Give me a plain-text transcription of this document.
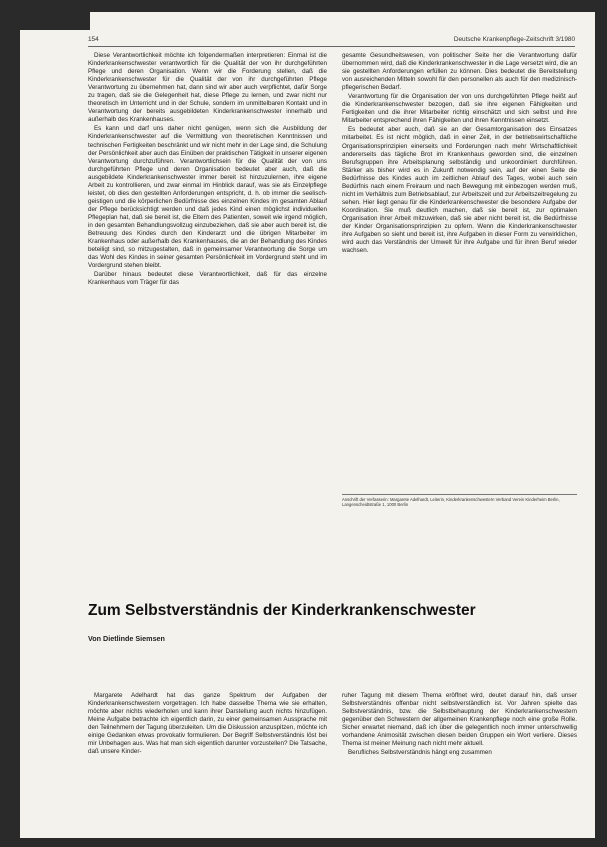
154	Deutsche Krankenpflege-Zeitschrift 3/1980

Diese Verantwortlichkeit möchte ich folgendermaßen interpretieren: Einmal ist die Kinderkrankenschwester verantwortlich für die Qualität der von ihr durchgeführten Pflege und deren Organisation. Wenn wir die Forderung stellen, daß die Kinderkrankenschwester für die Qualität der von ihr durchgeführten Pflege Verantwortung zu übernehmen hat, dann sind wir aber auch verpflichtet, dafür Sorge zu tragen, daß sie die Gelegenheit hat, diese Pflege zu lernen, und zwar nicht nur theoretisch im Unterricht und in der Schule, sondern im unmittelbaren Kontakt und in Verantwortung der bereits ausgebildeten Kinderkrankenschwester innerhalb und außerhalb des Krankenhauses.

Es kann und darf uns daher nicht genügen, wenn sich die Ausbildung der Kinderkrankenschwester auf die Vermittlung von theoretischen Kenntnissen und technischen Fertigkeiten beschränkt und wir nicht mehr in der Lage sind, die Schulung der Persönlichkeit aber auch das Einüben der praktischen Tätigkeit in unserer eigenen Verantwortung durchzuführen. Verantwortlichsein für die Qualität der von uns durchgeführten Pflege und deren Organisation bedeutet aber auch, daß die ausgebildete Kinderkrankenschwester immer bereit ist hinzuzulernen, ihre eigene Arbeit zu kontrollieren, und zwar einmal im Hinblick darauf, was sie als Einzelpflege leistet, ob dies den gestellten Anforderungen entspricht, d. h. ob immer die seelisch-geistigen und die körperlichen Bedürfnisse des einzelnen Kindes im gesamten Ablauf der Pflege berücksichtigt werden und daß jedes Kind einen möglichst individuellen Pflegeplan hat, daß sie bereit ist, die Eltern des Patienten, soweit wie irgend möglich, in den gesamten Behandlungsvollzug einzubeziehen, daß sie aber auch bereit ist, die Betreuung des Kindes durch den Kinderarzt und die übrigen Mitarbeiter im Krankenhaus oder außerhalb des Krankenhauses, die an der Behandlung des Kindes beteiligt sind, so mitzugestalten, daß in gemeinsamer Verantwortung die Sorge um das Wohl des Kindes in seiner gesamten Persönlichkeit im Vordergrund steht und im Vordergrund stehen bleibt.

Darüber hinaus bedeutet diese Verantwortlichkeit, daß für das einzelne Krankenhaus vom Träger für das

gesamte Gesundheitswesen, von politischer Seite her die Verantwortung dafür übernommen wird, daß die Kinderkrankenschwester in die Lage versetzt wird, die an sie gestellten Anforderungen erfüllen zu können. Dies bedeutet die Bereitstellung von ausreichenden Mitteln sowohl für den personellen als auch für den medizinisch-pflegerischen Bedarf.

Verantwortung für die Organisation der von uns durchgeführten Pflege heißt auf die Kinderkrankenschwester bezogen, daß sie ihre eigenen Fähigkeiten und Fertigkeiten und die ihrer Mitarbeiter richtig einschätzt und sich selbst und ihre Mitarbeiter entsprechend ihren Fähigkeiten und ihren Kenntnissen einsetzt.

Es bedeutet aber auch, daß sie an der Gesamtorganisation des Einsatzes mitarbeitet. Es ist nicht möglich, daß in einer Zeit, in der betriebswirtschaftliche Organisationsprinzipien einerseits und Forderungen nach mehr Wirtschaftlichkeit andererseits das tägliche Brot im Krankenhaus geworden sind, die einzelnen Berufsgruppen ihre Arbeitsplanung selbständig und unkoordiniert durchführen. Stärker als bisher wird es in Zukunft notwendig sein, auf der einen Seite die Bedürfnisse des Kindes auch im zeitlichen Ablauf des Tages, wobei auch sein Bedürfnis nach einem Freiraum und nach Bewegung mit einbezogen werden muß, nicht im Verhältnis zum Betriebsablauf, zur Arbeitszeit und zur Arbeitszeitregelung zu sehen. Hier liegt genau für die Kinderkrankenschwester die besondere Aufgabe der Koordination. Sie muß deutlich machen, daß sie bereit ist, zur optimalen Organisation ihrer Arbeit mitzuwirken, daß sie aber nicht bereit ist, die Bedürfnisse der Kinder Organisationsprinzipien zu opfern. Wenn die Kinderkrankenschwester ihre Aufgaben so sieht und bereit ist, ihre Aufgaben in dieser Form zu verwirklichen, wird auch das Verständnis der Umwelt für ihre Aufgabe und für ihren Beruf wieder wachsen.

Anschrift der Verfasserin: Margarete Adelhardt, Leiterin, Kinderkrankenschwestern Verband Verein Kinderheim Berlin, Langenscheidtstraße 1, 1000 Berlin
Zum Selbstverständnis der Kinderkrankenschwester
Von Dietlinde Siemsen

Margarete Adelhardt hat das ganze Spektrum der Aufgaben der Kinderkrankenschwestern vorgetragen. Ich habe dasselbe Thema wie sie erhalten, möchte aber nichts wiederholen und kann ihrer Darstellung auch nichts hinzufügen. Meine Aufgabe betrachte ich eigentlich darin, zu einer gemeinsamen Aussprache mit den Teilnehmern der Tagung überzuleiten. Um die Diskussion anzuspitzen, möchte ich einige Gedanken etwas provokativ formulieren. Der Begriff Selbstverständnis löst bei mir Unbehagen aus. Was hat man sich eigentlich darunter vorzustellen? Die Tatsache, daß unsere Kinder-

ruher Tagung mit diesem Thema eröffnet wird, deutet darauf hin, daß unser Selbstverständnis offenbar nicht selbstverständlich ist. Vor Jahren spielte das Selbstverständnis, bzw. die Selbstbehauptung der Kinderkrankenschwestern gegenüber den Schwestern der allgemeinen Krankenpflege noch eine große Rolle. Sicher erwartet niemand, daß ich über die gelegentlich noch immer unterschwellig vorhandene Animosität zwischen diesen beiden Gruppen ein Wort verliere. Dieses Thema ist meiner Meinung nach nicht mehr aktuell.

Berufliches Selbstverständnis hängt eng zusammen
